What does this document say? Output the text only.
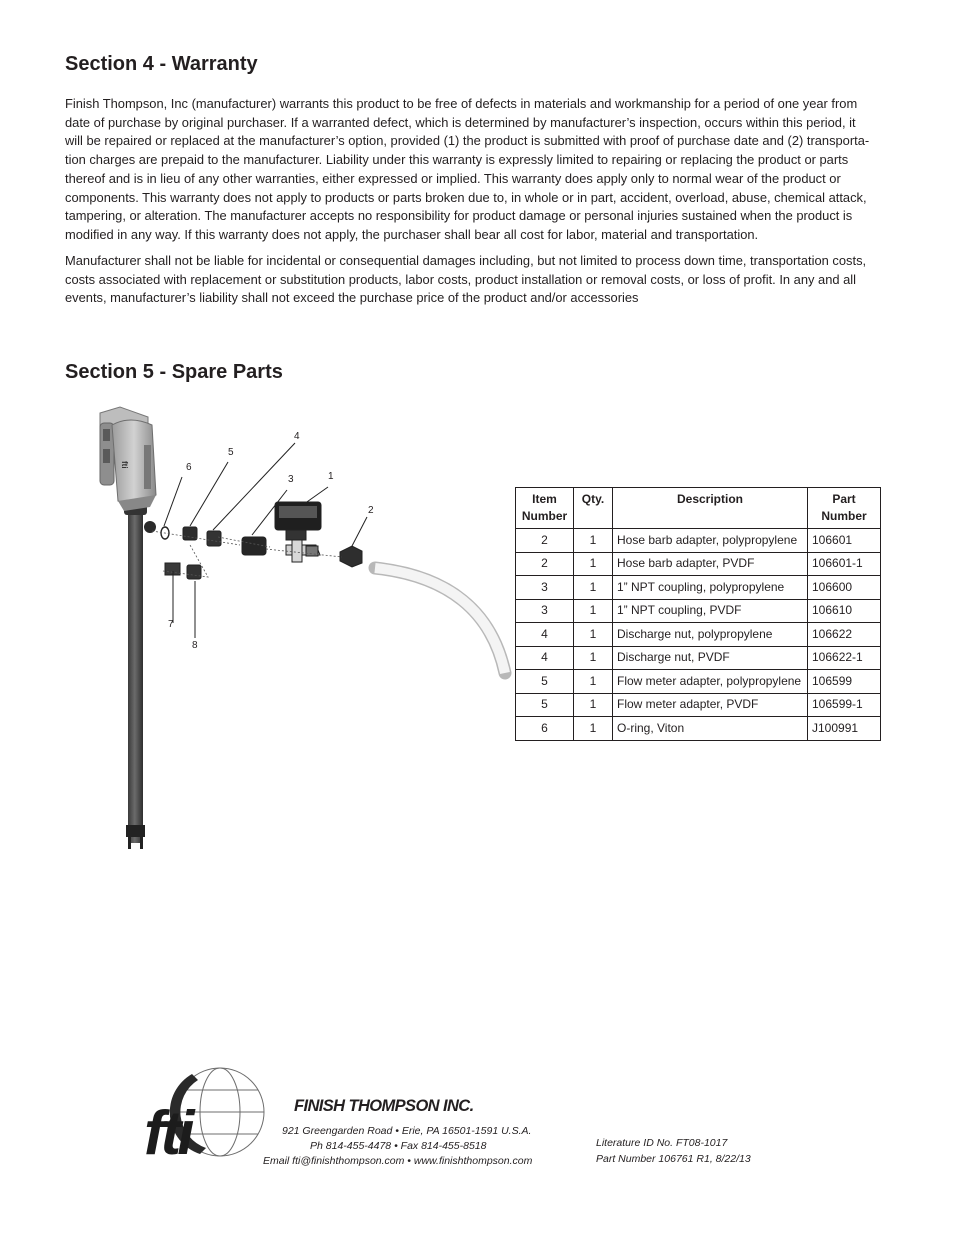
Section 4 - Warranty
Finish Thompson, Inc (manufacturer) warrants this product to be free of defects in materials and workmanship for a period of one year from
date of purchase by original purchaser. If a warranted defect, which is determined by manufacturer’s inspection, occurs within this period, it
will be repaired or replaced at the manufacturer’s option, provided (1) the product is submitted with proof of purchase date and (2) transporta-
tion charges are prepaid to the manufacturer. Liability under this warranty is expressly limited to repairing or replacing the product or parts
thereof and is in lieu of any other warranties, either expressed or implied. This warranty does apply only to normal wear of the product or
components. This warranty does not apply to products or parts broken due to, in whole or in part, accident, overload, abuse, chemical attack,
tampering, or alteration. The manufacturer accepts no responsibility for product damage or personal injuries sustained when the product is
modified in any way. If this warranty does not apply, the purchaser shall bear all cost for labor, material and transportation.
Manufacturer shall not be liable for incidental or consequential damages including, but not limited to process down time, transportation costs,
costs associated with replacement or substitution products, labor costs, product installation or removal costs, or loss of profit. In any and all
events, manufacturer’s liability shall not exceed the purchase price of the product and/or accessories
Section 5 - Spare Parts
fti
1
2
3
4
5
6
7
8
Item
Number	Qty.	Description	Part
Number
2	1	Hose barb adapter, polypropylene	106601
2	1	Hose barb adapter, PVDF	106601-1
3	1	1” NPT coupling, polypropylene	106600
3	1	1” NPT coupling, PVDF	106610
4	1	Discharge nut, polypropylene	106622
4	1	Discharge nut, PVDF	106622-1
5	1	Flow meter adapter, polypropylene	106599
5	1	Flow meter adapter, PVDF	106599-1
6	1	O-ring, Viton	J100991
fti	FINISH THOMPSON INC.
921 Greengarden Road • Erie, PA 16501-1591 U.S.A.
Ph 814-455-4478 • Fax 814-455-8518
Email fti@finishthompson.com • www.finishthompson.com
Literature ID No. FT08-1017
Part Number 106761 R1, 8/22/13
